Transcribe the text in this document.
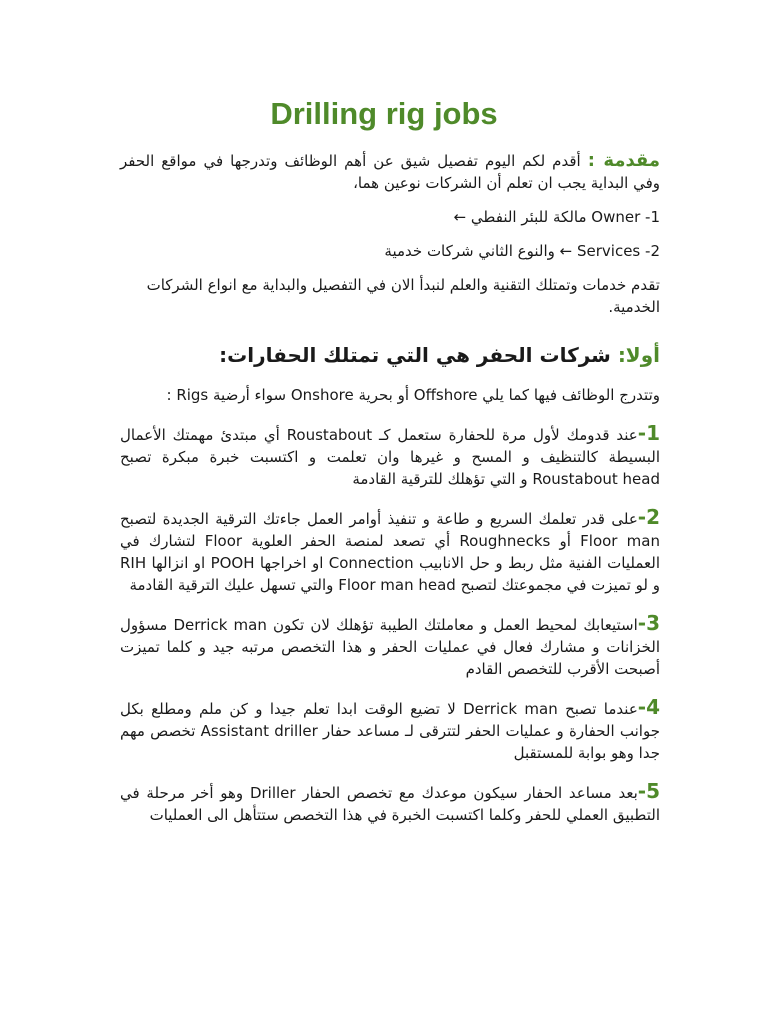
Drilling rig jobs

مقدمة : أقدم لكم اليوم تفصيل شيق عن أهم الوظائف وتدرجها في مواقع الحفر وفي البداية يجب ان تعلم أن الشركات نوعين هما،

1- Owner مالكة للبئر النفطي ←

2- Services ← والنوع الثاني شركات خدمية

تقدم خدمات وتمتلك التقنية والعلم لنبدأ الان في التفصيل والبداية مع انواع الشركات الخدمية.

أولا: شركات الحفر هي التي تمتلك الحفارات:

وتتدرج الوظائف فيها كما يلي Offshore أو بحرية Onshore سواء أرضية Rigs :

1-عند قدومك لأول مرة للحفارة ستعمل كـ Roustabout أي مبتدئ مهمتك الأعمال البسيطة كالتنظيف و المسح و غيرها وان تعلمت و اكتسبت خبرة مبكرة تصبح Roustabout head و التي تؤهلك للترقية القادمة

2-على قدر تعلمك السريع و طاعة و تنفيذ أوامر العمل جاءتك الترقية الجديدة لتصبح Floor man أو Roughnecks أي تصعد لمنصة الحفر العلوية Floor لتشارك في العمليات الفنية مثل ربط و حل الانابيب Connection او اخراجها POOH او انزالها RIH و لو تميزت في مجموعتك لتصبح Floor man head والتي تسهل عليك الترقية القادمة

3-استيعابك لمحيط العمل و معاملتك الطيبة تؤهلك لان تكون Derrick man مسؤول الخزانات و مشارك فعال في عمليات الحفر و هذا التخصص مرتبه جيد و كلما تميزت أصبحت الأقرب للتخصص القادم

4-عندما تصبح Derrick man لا تضيع الوقت ابدا تعلم جيدا و كن ملم ومطلع بكل جوانب الحفارة و عمليات الحفر لتترقى لـ مساعد حفار Assistant driller تخصص مهم جدا وهو بوابة للمستقبل

5-بعد مساعد الحفار سيكون موعدك مع تخصص الحفار Driller وهو أخر مرحلة في التطبيق العملي للحفر وكلما اكتسبت الخبرة في هذا التخصص ستتأهل الى العمليات
